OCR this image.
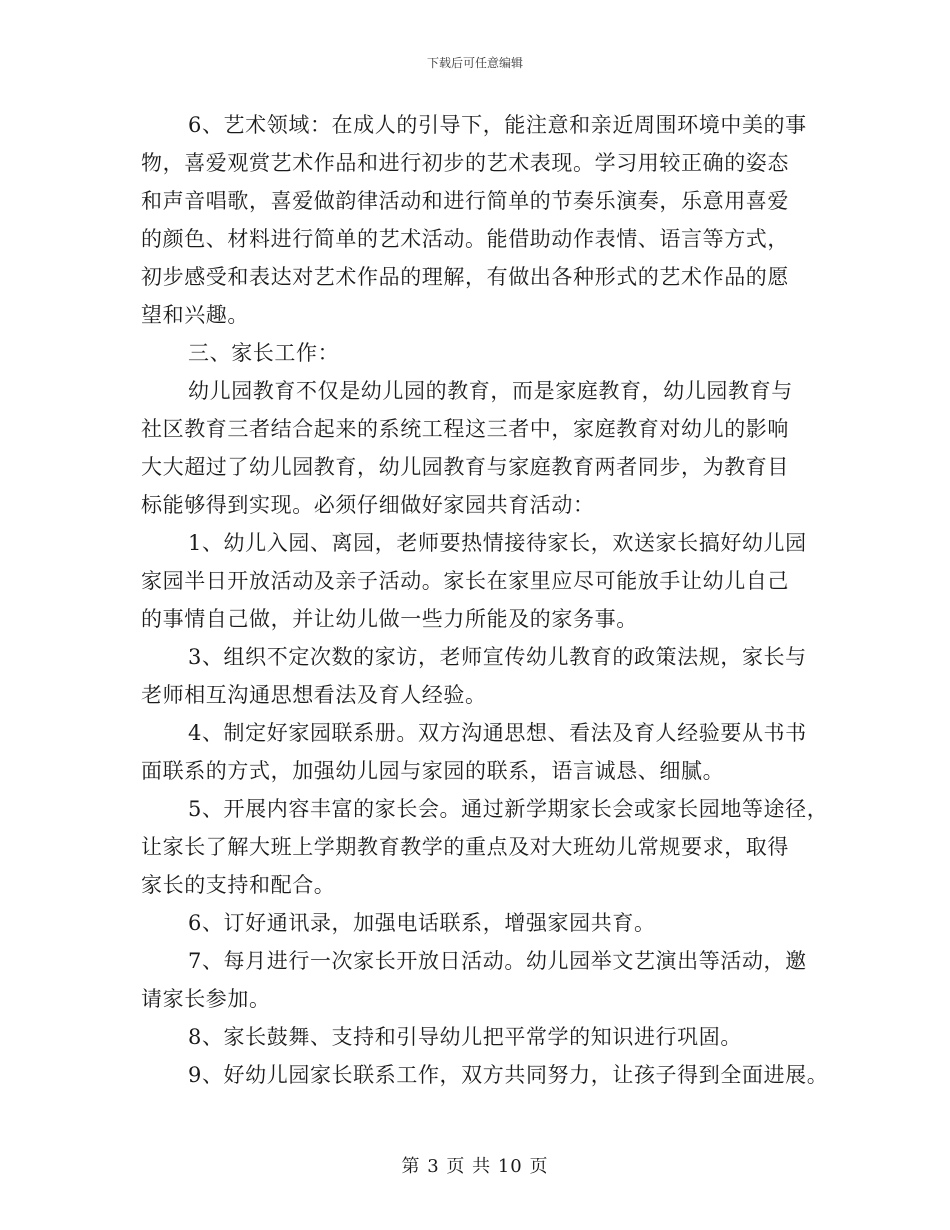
下载后可任意编辑
6、艺术领域：在成人的引导下，能注意和亲近周围环境中美的事
物，喜爱观赏艺术作品和进行初步的艺术表现。学习用较正确的姿态
和声音唱歌，喜爱做韵律活动和进行简单的节奏乐演奏，乐意用喜爱
的颜色、材料进行简单的艺术活动。能借助动作表情、语言等方式，
初步感受和表达对艺术作品的理解，有做出各种形式的艺术作品的愿
望和兴趣。
三、家长工作：
幼儿园教育不仅是幼儿园的教育，而是家庭教育，幼儿园教育与
社区教育三者结合起来的系统工程这三者中，家庭教育对幼儿的影响
大大超过了幼儿园教育，幼儿园教育与家庭教育两者同步，为教育目
标能够得到实现。必须仔细做好家园共育活动：
1、幼儿入园、离园，老师要热情接待家长，欢送家长搞好幼儿园
家园半日开放活动及亲子活动。家长在家里应尽可能放手让幼儿自己
的事情自己做，并让幼儿做一些力所能及的家务事。
3、组织不定次数的家访，老师宣传幼儿教育的政策法规，家长与
老师相互沟通思想看法及育人经验。
4、制定好家园联系册。双方沟通思想、看法及育人经验要从书书
面联系的方式，加强幼儿园与家园的联系，语言诚恳、细腻。
5、开展内容丰富的家长会。通过新学期家长会或家长园地等途径，
让家长了解大班上学期教育教学的重点及对大班幼儿常规要求，取得
家长的支持和配合。
6、订好通讯录，加强电话联系，增强家园共育。
7、每月进行一次家长开放日活动。幼儿园举文艺演出等活动，邀
请家长参加。
8、家长鼓舞、支持和引导幼儿把平常学的知识进行巩固。
9、好幼儿园家长联系工作，双方共同努力，让孩子得到全面进展。
第 3 页 共 10 页
